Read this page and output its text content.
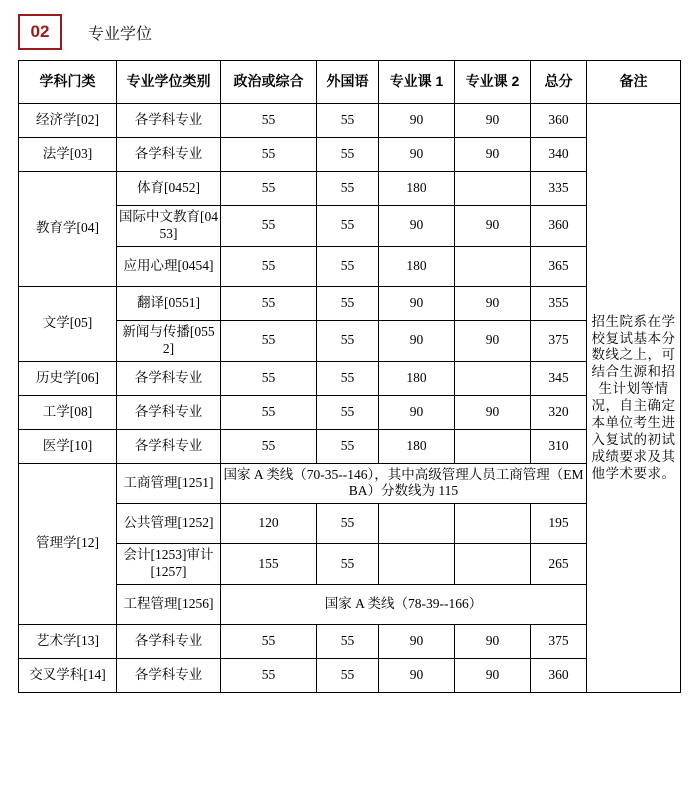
02	专业学位
学科门类	专业学位类别	政治或综合	外国语	专业课 1	专业课 2	总分	备注
经济学[02]	各学科专业	55	55	90	90	360	招生院系在学校复试基本分数线之上，可结合生源和招生计划等情况，自主确定本单位考生进入复试的初试成绩要求及其他学术要求。
法学[03]	各学科专业	55	55	90	90	340	
教育学[04]	体育[0452]	55	55	180		335	
	国际中文教育[0453]	55	55	90	90	360	
	应用心理[0454]	55	55	180		365	
文学[05]	翻译[0551]	55	55	90	90	355	
	新闻与传播[0552]	55	55	90	90	375	
历史学[06]	各学科专业	55	55	180		345	
工学[08]	各学科专业	55	55	90	90	320	
医学[10]	各学科专业	55	55	180		310	
管理学[12]	工商管理[1251]	国家 A 类线（70-35--146），其中高级管理人员工商管理（EMBA）分数线为 115					
	公共管理[1252]	120	55			195	
	会计[1253]审计[1257]	155	55			265	
	工程管理[1256]	国家 A 类线（78-39--166）					
艺术学[13]	各学科专业	55	55	90	90	375	
交叉学科[14]	各学科专业	55	55	90	90	360	
